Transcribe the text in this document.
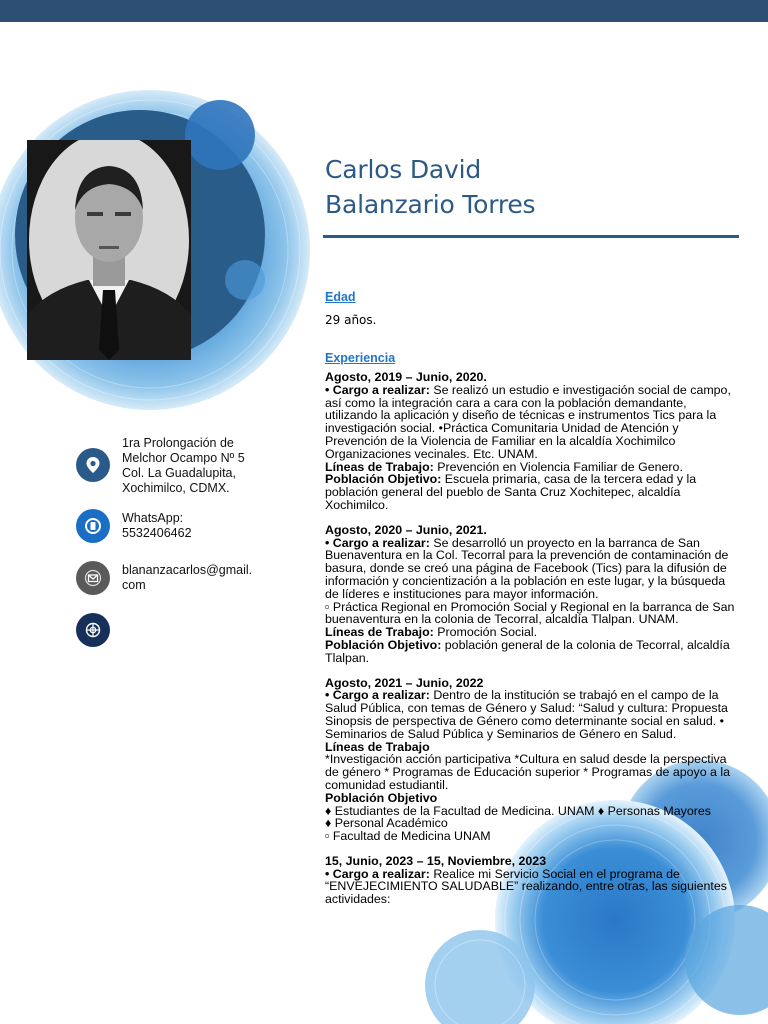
Carlos David
Balanzario Torres
1ra Prolongación de
Melchor Ocampo Nº 5
Col. La Guadalupita,
Xochimilco, CDMX.
WhatsApp:
5532406462
blananzacarlos@gmail.
com
Edad
29 años.
Experiencia

Agosto, 2019 – Junio, 2020.

• Cargo a realizar: Se realizó un estudio e investigación social de campo, así como la integración cara a cara con la población demandante, utilizando la aplicación y diseño de técnicas e instrumentos Tics para la investigación social. •Práctica Comunitaria Unidad de Atención y Prevención de la Violencia de Familiar en la alcaldía Xochimilco Organizaciones vecinales. Etc. UNAM.

Líneas de Trabajo: Prevención en Violencia Familiar de Genero.

Población Objetivo: Escuela primaria, casa de la tercera edad y la población general del pueblo de Santa Cruz Xochitepec, alcaldía Xochimilco.

Agosto, 2020 – Junio, 2021.

• Cargo a realizar: Se desarrolló un proyecto en la barranca de San Buenaventura en la Col. Tecorral para la prevención de contaminación de basura, donde se creó una página de Facebook (Tics) para la difusión de información y concientización a la población en este lugar, y la búsqueda de líderes e instituciones para mayor información.

▫ Práctica Regional en Promoción Social y Regional en la barranca de San buenaventura en la colonia de Tecorral, alcaldía Tlalpan. UNAM.

Líneas de Trabajo: Promoción Social.

Población Objetivo: población general de la colonia de Tecorral, alcaldía Tlalpan.

Agosto, 2021 – Junio, 2022

• Cargo a realizar: Dentro de la institución se trabajó en el campo de la Salud Pública, con temas de Género y Salud: “Salud y cultura: Propuesta Sinopsis de perspectiva de Género como determinante social en salud. • Seminarios de Salud Pública y Seminarios de Género en Salud.

Líneas de Trabajo

*Investigación acción participativa *Cultura en salud desde la perspectiva de género * Programas de Educación superior * Programas de apoyo a la comunidad estudiantil.

Población Objetivo

♦ Estudiantes de la Facultad de Medicina. UNAM ♦ Personas Mayores

♦ Personal Académico

▫ Facultad de Medicina UNAM

15, Junio, 2023 – 15, Noviembre, 2023

• Cargo a realizar: Realice mi Servicio Social en el programa de “ENVEJECIMIENTO SALUDABLE” realizando, entre otras, las siguientes actividades:
